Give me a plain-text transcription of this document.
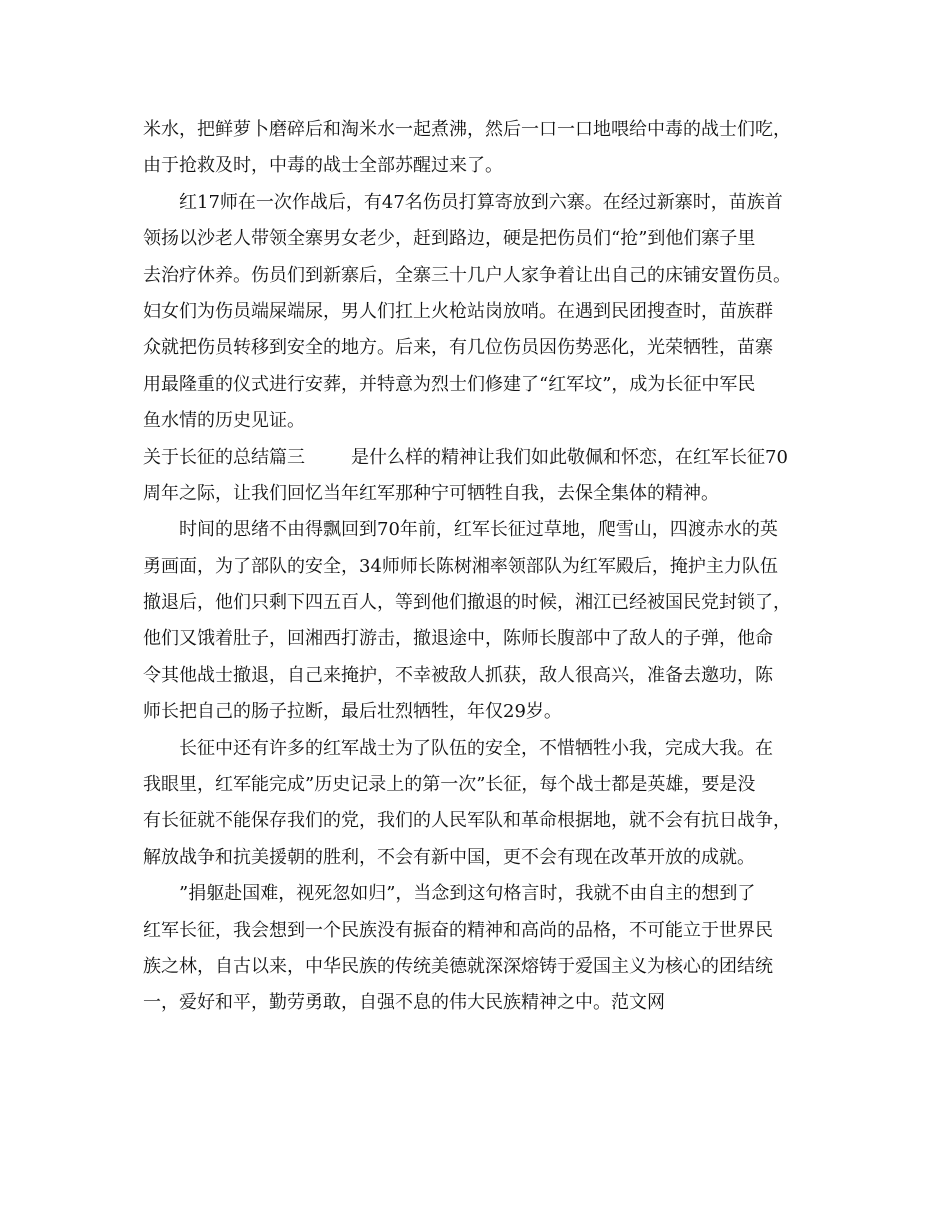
米水，把鲜萝卜磨碎后和淘米水一起煮沸，然后一口一口地喂给中毒的战士们吃，
由于抢救及时，中毒的战士全部苏醒过来了。
红17师在一次作战后，有47名伤员打算寄放到六寨。在经过新寨时，苗族首
领扬以沙老人带领全寨男女老少，赶到路边，硬是把伤员们“抢”到他们寨子里
去治疗休养。伤员们到新寨后，全寨三十几户人家争着让出自己的床铺安置伤员。
妇女们为伤员端屎端尿，男人们扛上火枪站岗放哨。在遇到民团搜查时，苗族群
众就把伤员转移到安全的地方。后来，有几位伤员因伤势恶化，光荣牺牲，苗寨
用最隆重的仪式进行安葬，并特意为烈士们修建了“红军坟”，成为长征中军民
鱼水情的历史见证。
关于长征的总结篇三	是什么样的精神让我们如此敬佩和怀恋，在红军长征70
周年之际，让我们回忆当年红军那种宁可牺牲自我，去保全集体的精神。
时间的思绪不由得飘回到70年前，红军长征过草地，爬雪山，四渡赤水的英
勇画面，为了部队的安全，34师师长陈树湘率领部队为红军殿后，掩护主力队伍
撤退后，他们只剩下四五百人，等到他们撤退的时候，湘江已经被国民党封锁了，
他们又饿着肚子，回湘西打游击，撤退途中，陈师长腹部中了敌人的子弹，他命
令其他战士撤退，自己来掩护，不幸被敌人抓获，敌人很高兴，准备去邀功，陈
师长把自己的肠子拉断，最后壮烈牺牲，年仅29岁。
长征中还有许多的红军战士为了队伍的安全，不惜牺牲小我，完成大我。在
我眼里，红军能完成”历史记录上的第一次”长征，每个战士都是英雄，要是没
有长征就不能保存我们的党，我们的人民军队和革命根据地，就不会有抗日战争，
解放战争和抗美援朝的胜利，不会有新中国，更不会有现在改革开放的成就。
”捐躯赴国难，视死忽如归”，当念到这句格言时，我就不由自主的想到了
红军长征，我会想到一个民族没有振奋的精神和高尚的品格，不可能立于世界民
族之林，自古以来，中华民族的传统美德就深深熔铸于爱国主义为核心的团结统
一，爱好和平，勤劳勇敢，自强不息的伟大民族精神之中。范文网
